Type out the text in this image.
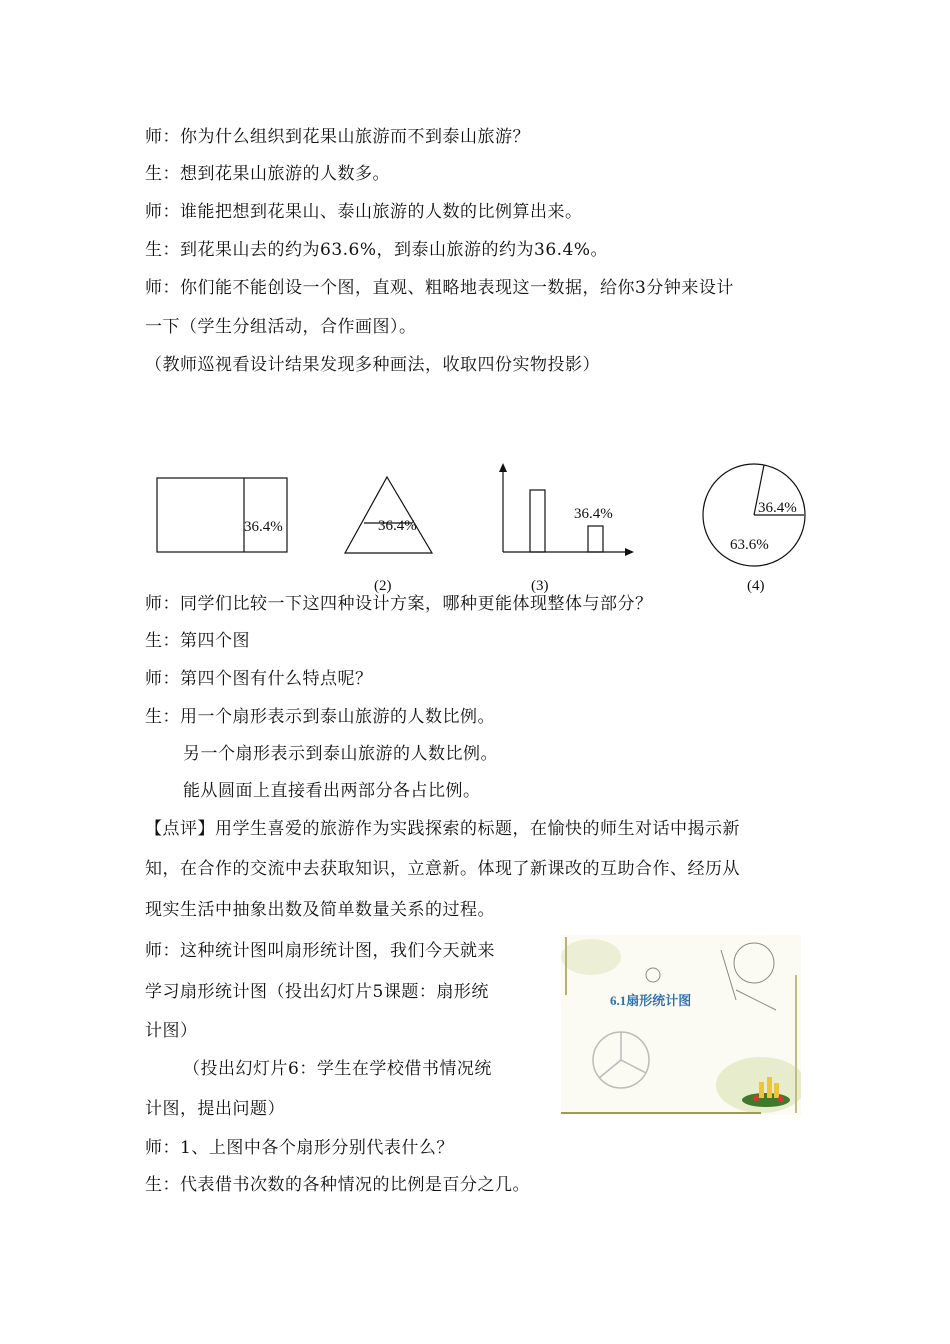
师：你为什么组织到花果山旅游而不到泰山旅游？
生：想到花果山旅游的人数多。
师：谁能把想到花果山、泰山旅游的人数的比例算出来。
生：到花果山去的约为63.6%，到泰山旅游的约为36.4%。
师：你们能不能创设一个图，直观、粗略地表现这一数据，给你3分钟来设计
一下（学生分组活动，合作画图）。
（教师巡视看设计结果发现多种画法，收取四份实物投影）
36.4%	36.4%
(2)
36.4%
(3)
36.4%
63.6%
(4)
师：同学们比较一下这四种设计方案，哪种更能体现整体与部分？
生：第四个图
师：第四个图有什么特点呢？
生：用一个扇形表示到泰山旅游的人数比例。
另一个扇形表示到泰山旅游的人数比例。
能从圆面上直接看出两部分各占比例。
【点评】用学生喜爱的旅游作为实践探索的标题，在愉快的师生对话中揭示新
知，在合作的交流中去获取知识，立意新。体现了新课改的互助合作、经历从
现实生活中抽象出数及简单数量关系的过程。
师：这种统计图叫扇形统计图，我们今天就来
学习扇形统计图（投出幻灯片5课题：扇形统
计图）
（投出幻灯片6：学生在学校借书情况统
计图，提出问题）
师：1、上图中各个扇形分别代表什么？
生：代表借书次数的各种情况的比例是百分之几。
6.1扇形统计图
